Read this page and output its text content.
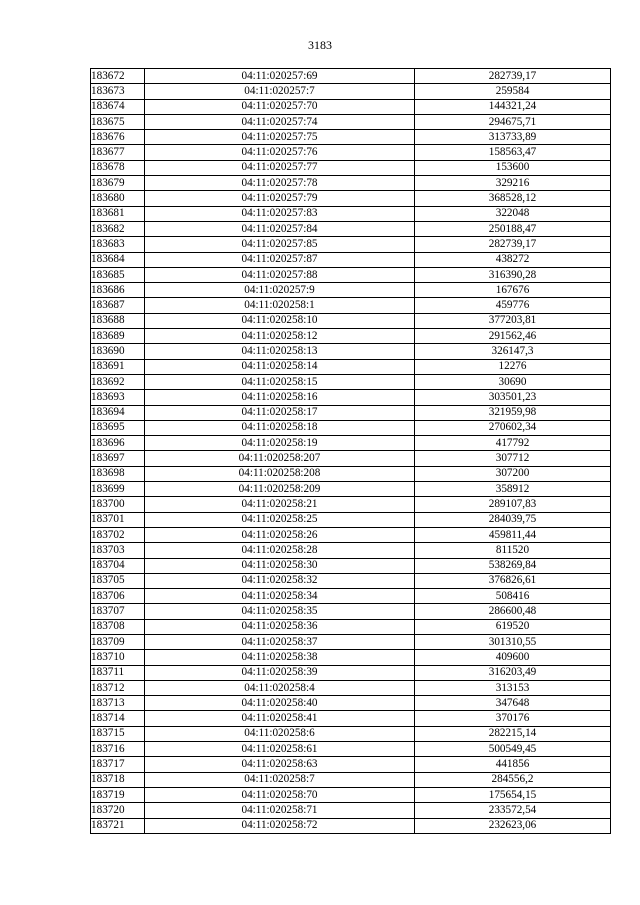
3183
183672	04:11:020257:69	282739,17
183673	04:11:020257:7	259584
183674	04:11:020257:70	144321,24
183675	04:11:020257:74	294675,71
183676	04:11:020257:75	313733,89
183677	04:11:020257:76	158563,47
183678	04:11:020257:77	153600
183679	04:11:020257:78	329216
183680	04:11:020257:79	368528,12
183681	04:11:020257:83	322048
183682	04:11:020257:84	250188,47
183683	04:11:020257:85	282739,17
183684	04:11:020257:87	438272
183685	04:11:020257:88	316390,28
183686	04:11:020257:9	167676
183687	04:11:020258:1	459776
183688	04:11:020258:10	377203,81
183689	04:11:020258:12	291562,46
183690	04:11:020258:13	326147,3
183691	04:11:020258:14	12276
183692	04:11:020258:15	30690
183693	04:11:020258:16	303501,23
183694	04:11:020258:17	321959,98
183695	04:11:020258:18	270602,34
183696	04:11:020258:19	417792
183697	04:11:020258:207	307712
183698	04:11:020258:208	307200
183699	04:11:020258:209	358912
183700	04:11:020258:21	289107,83
183701	04:11:020258:25	284039,75
183702	04:11:020258:26	459811,44
183703	04:11:020258:28	811520
183704	04:11:020258:30	538269,84
183705	04:11:020258:32	376826,61
183706	04:11:020258:34	508416
183707	04:11:020258:35	286600,48
183708	04:11:020258:36	619520
183709	04:11:020258:37	301310,55
183710	04:11:020258:38	409600
183711	04:11:020258:39	316203,49
183712	04:11:020258:4	313153
183713	04:11:020258:40	347648
183714	04:11:020258:41	370176
183715	04:11:020258:6	282215,14
183716	04:11:020258:61	500549,45
183717	04:11:020258:63	441856
183718	04:11:020258:7	284556,2
183719	04:11:020258:70	175654,15
183720	04:11:020258:71	233572,54
183721	04:11:020258:72	232623,06
